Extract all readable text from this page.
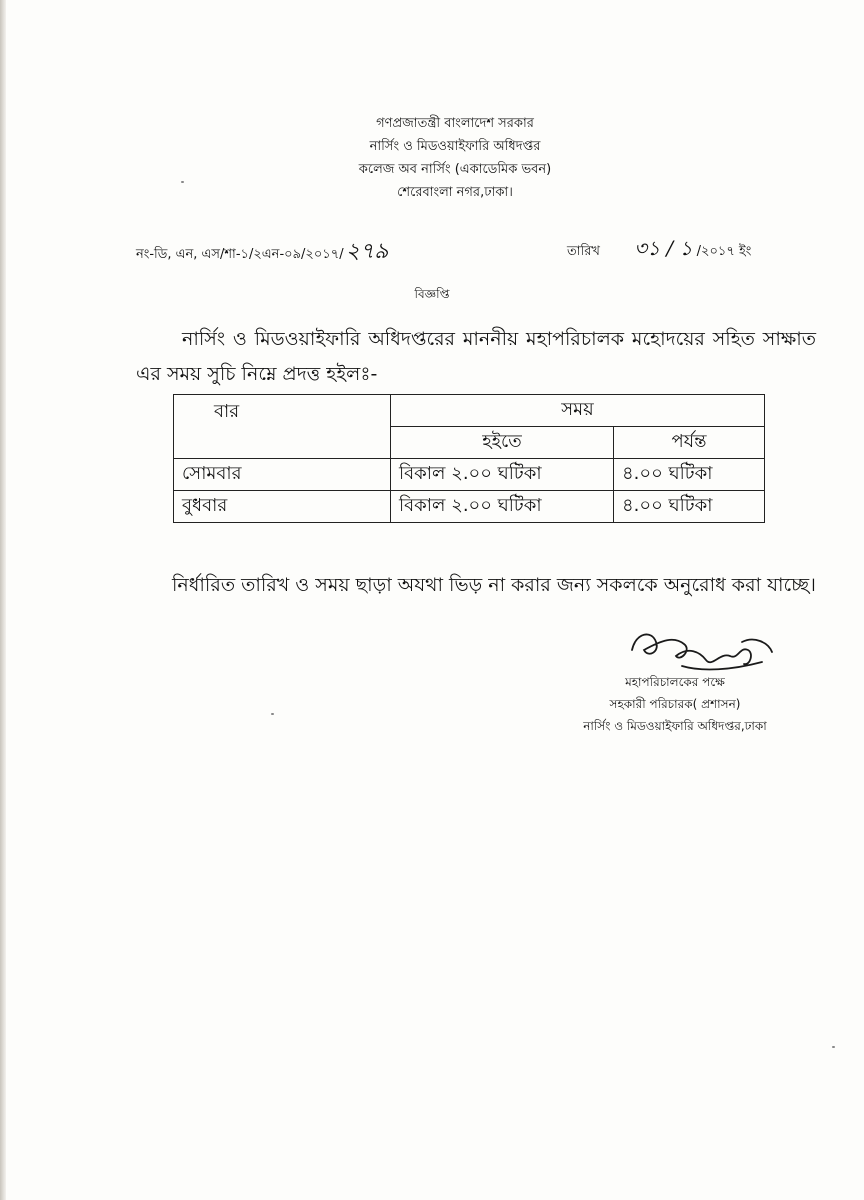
গণপ্রজাতন্ত্রী বাংলাদেশ সরকার
নার্সিং ও মিডওয়াইফারি অধিদপ্তর
কলেজ অব নার্সিং (একাডেমিক ভবন)
শেরেবাংলা নগর,ঢাকা।
নং-ডি, এন, এস/শা-১/২এন-০৯/২০১৭/২৭৯	তারিখ ৩১ / ১ /২০১৭ ইং
বিজ্ঞপ্তি
নার্সিং ও মিডওয়াইফারি অধিদপ্তরের মাননীয় মহাপরিচালক মহোদয়ের সহিত সাক্ষাত এর সময় সুচি নিম্নে প্রদত্ত হইলঃ-
বার	সময়	
	হইতে	পর্যন্ত
সোমবার	বিকাল ২.০০ ঘটিকা	৪.০০ ঘটিকা
বুধবার	বিকাল ২.০০ ঘটিকা	৪.০০ ঘটিকা
নির্ধারিত তারিখ ও সময় ছাড়া অযথা ভিড় না করার জন্য সকলকে অনুরোধ করা যাচ্ছে।
মহাপরিচালকের পক্ষে
সহকারী পরিচারক( প্রশাসন)
নার্সিং ও মিডওয়াইফারি অধিদপ্তর,ঢাকা
